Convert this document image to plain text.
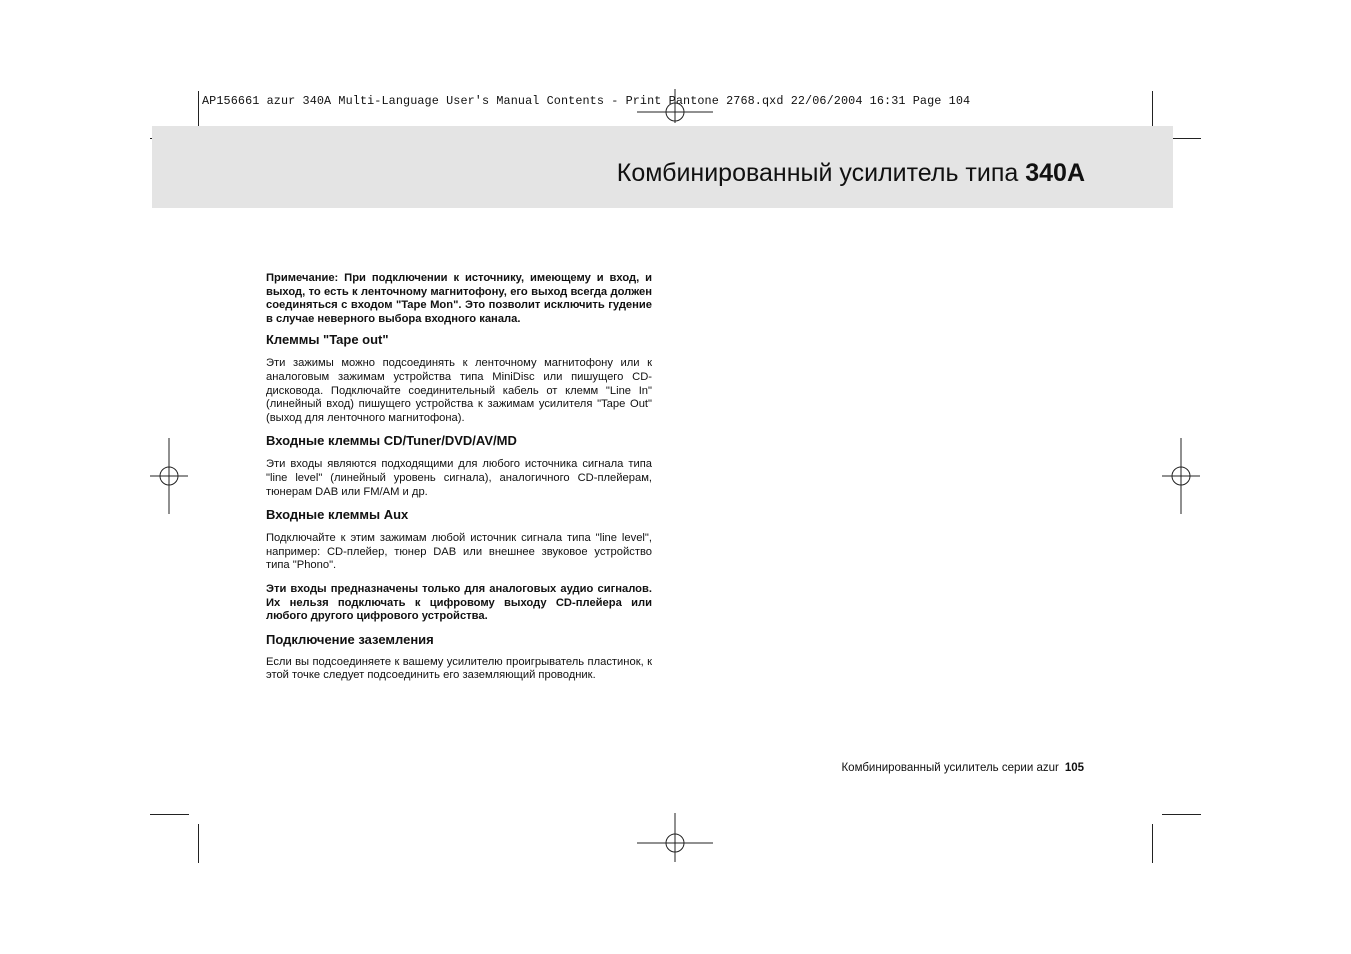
AP156661 azur 340A Multi-Language User's Manual Contents - Print Pantone 2768.qxd 22/06/2004 16:31 Page 104
Комбинированный усилитель типа 340A

Примечание: При подключении к источнику, имеющему и вход, и выход, то есть к ленточному магнитофону, его выход всегда должен соединяться с входом "Tape Mon". Это позволит исключить гудение в случае неверного выбора входного канала.

Клеммы "Tape out"

Эти зажимы можно подсоединять к ленточному магнитофону или к аналоговым зажимам устройства типа MiniDisc или пишущего CD-дисковода. Подключайте соединительный кабель от клемм "Line In" (линейный вход) пишущего устройства к зажимам усилителя "Tape Out" (выход для ленточного магнитофона).

Входные клеммы CD/Tuner/DVD/AV/MD

Эти входы являются подходящими для любого источника сигнала типа "line level" (линейный уровень сигнала), аналогичного CD-плейерам, тюнерам DAB или FM/AM и др.

Входные клеммы Aux

Подключайте к этим зажимам любой источник сигнала типа "line level", например: CD-плейер, тюнер DAB или внешнее звуковое устройство типа "Phono".

Эти входы предназначены только для аналоговых аудио сигналов. Их нельзя подключать к цифровому выходу CD-плейера или любого другого цифрового устройства.

Подключение заземления

Если вы подсоединяете к вашему усилителю проигрыватель пластинок, к этой точке следует подсоединить его заземляющий проводник.

Комбинированный усилитель серии azur 105
